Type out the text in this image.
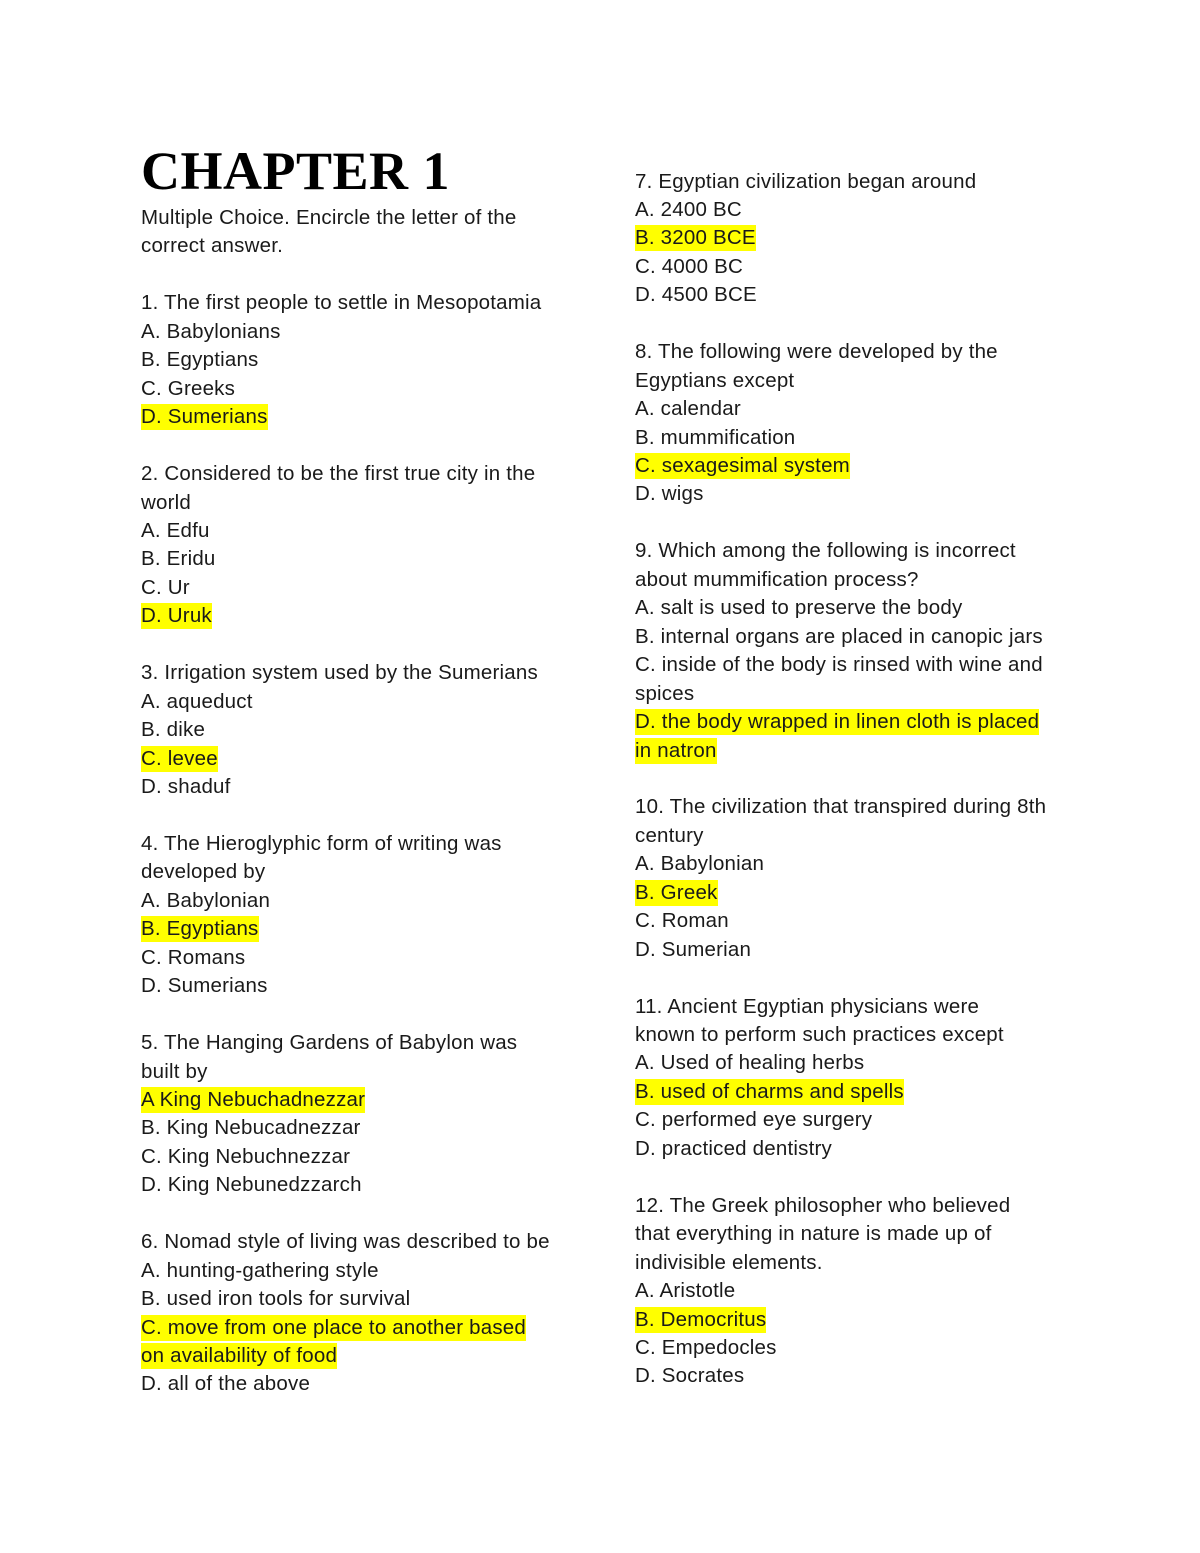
CHAPTER 1
Multiple Choice. Encircle the letter of the
correct answer.
1. The first people to settle in Mesopotamia
A. Babylonians
B. Egyptians
C. Greeks
D. Sumerians
2. Considered to be the first true city in the
world
A. Edfu
B. Eridu
C. Ur
D. Uruk
3. Irrigation system used by the Sumerians
A. aqueduct
B. dike
C. levee
D. shaduf
4. The Hieroglyphic form of writing was
developed by
A. Babylonian
B. Egyptians
C. Romans
D. Sumerians
5. The Hanging Gardens of Babylon was
built by
A King Nebuchadnezzar
B. King Nebucadnezzar
C. King Nebuchnezzar
D. King Nebunedzzarch
6. Nomad style of living was described to be
A. hunting-gathering style
B. used iron tools for survival
C. move from one place to another based
on availability of food
D. all of the above
7. Egyptian civilization began around
A. 2400 BC
B. 3200 BCE
C. 4000 BC
D. 4500 BCE
8. The following were developed by the
Egyptians except
A. calendar
B. mummification
C. sexagesimal system
D. wigs
9. Which among the following is incorrect
about mummification process?
A. salt is used to preserve the body
B. internal organs are placed in canopic jars
C. inside of the body is rinsed with wine and
spices
D. the body wrapped in linen cloth is placed
in natron
10. The civilization that transpired during 8th
century
A. Babylonian
B. Greek
C. Roman
D. Sumerian
11. Ancient Egyptian physicians were
known to perform such practices except
A. Used of healing herbs
B. used of charms and spells
C. performed eye surgery
D. practiced dentistry
12. The Greek philosopher who believed
that everything in nature is made up of
indivisible elements.
A. Aristotle
B. Democritus
C. Empedocles
D. Socrates
